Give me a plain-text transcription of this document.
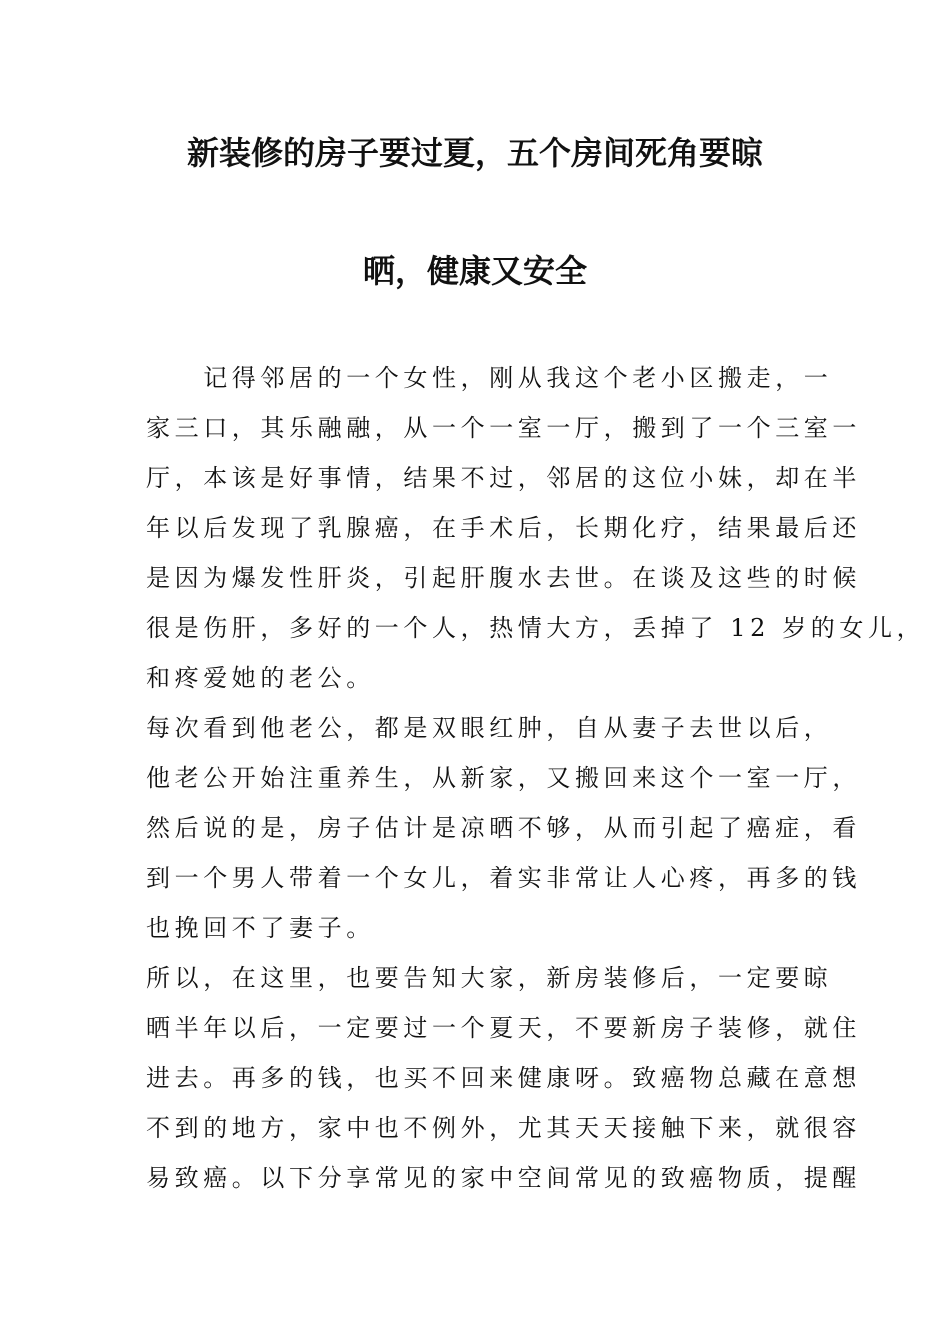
新装修的房子要过夏，五个房间死角要晾
晒，健康又安全
　　记得邻居的一个女性，刚从我这个老小区搬走，一
家三口，其乐融融，从一个一室一厅，搬到了一个三室一
厅，本该是好事情，结果不过，邻居的这位小妹，却在半
年以后发现了乳腺癌，在手术后，长期化疗，结果最后还
是因为爆发性肝炎，引起肝腹水去世。在谈及这些的时候
很是伤肝，多好的一个人，热情大方，丢掉了 12 岁的女儿，
和疼爱她的老公。
每次看到他老公，都是双眼红肿，自从妻子去世以后，
他老公开始注重养生，从新家，又搬回来这个一室一厅，
然后说的是，房子估计是凉晒不够，从而引起了癌症，看
到一个男人带着一个女儿，着实非常让人心疼，再多的钱
也挽回不了妻子。
所以，在这里，也要告知大家，新房装修后，一定要晾
晒半年以后，一定要过一个夏天，不要新房子装修，就住
进去。再多的钱，也买不回来健康呀。致癌物总藏在意想
不到的地方，家中也不例外，尤其天天接触下来，就很容
易致癌。以下分享常见的家中空间常见的致癌物质，提醒
